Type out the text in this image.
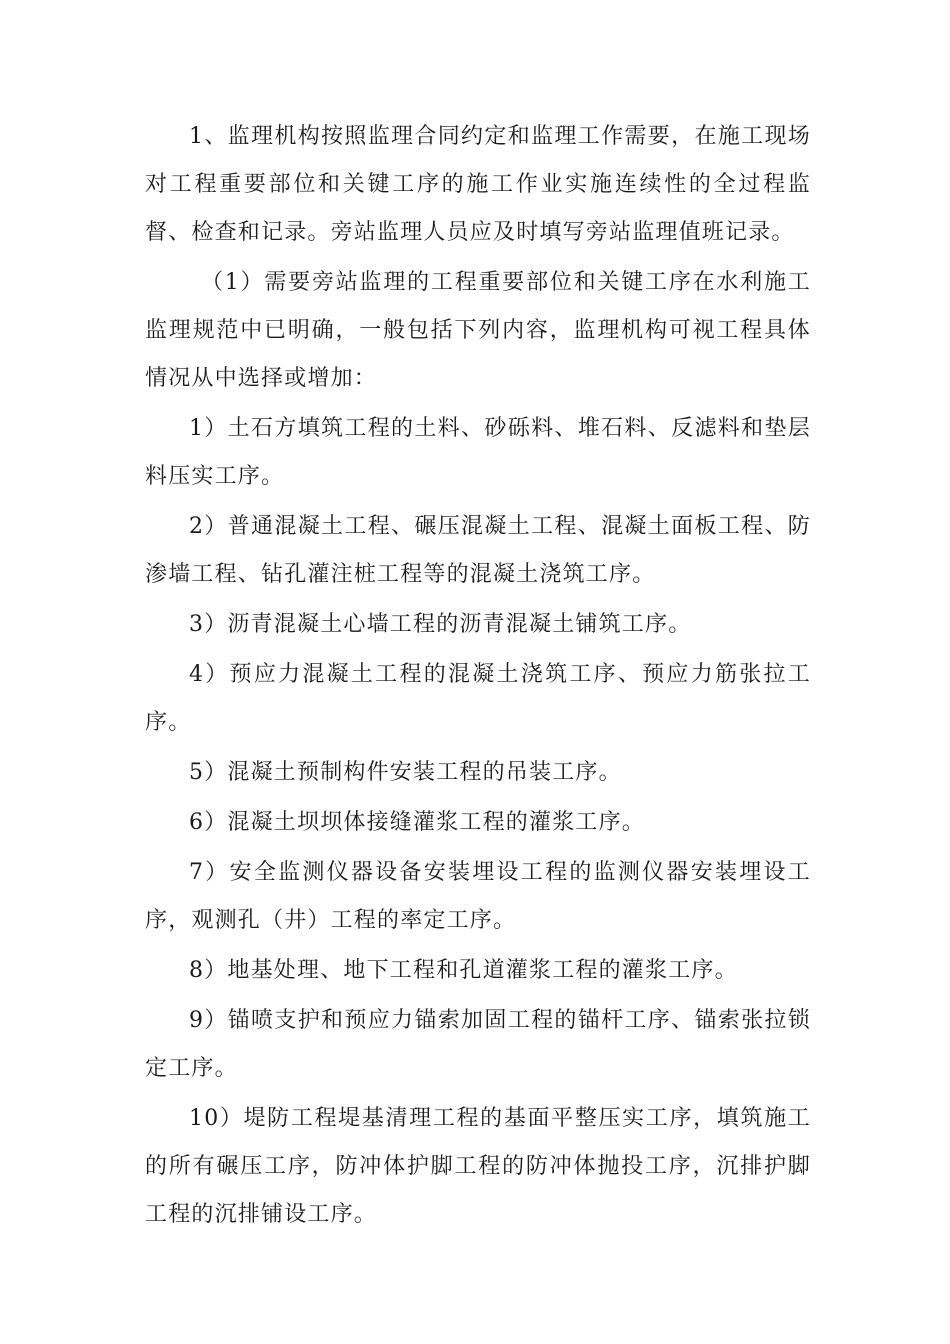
1、监理机构按照监理合同约定和监理工作需要，在施工现场对工程重要部位和关键工序的施工作业实施连续性的全过程监督、检查和记录。旁站监理人员应及时填写旁站监理值班记录。

（1）需要旁站监理的工程重要部位和关键工序在水利施工监理规范中已明确，一般包括下列内容，监理机构可视工程具体情况从中选择或增加：

1）土石方填筑工程的土料、砂砾料、堆石料、反滤料和垫层料压实工序。

2）普通混凝土工程、碾压混凝土工程、混凝土面板工程、防渗墙工程、钻孔灌注桩工程等的混凝土浇筑工序。

3）沥青混凝土心墙工程的沥青混凝土铺筑工序。

4）预应力混凝土工程的混凝土浇筑工序、预应力筋张拉工序。

5）混凝土预制构件安装工程的吊装工序。

6）混凝土坝坝体接缝灌浆工程的灌浆工序。

7）安全监测仪器设备安装埋设工程的监测仪器安装埋设工序，观测孔（井）工程的率定工序。

8）地基处理、地下工程和孔道灌浆工程的灌浆工序。

9）锚喷支护和预应力锚索加固工程的锚杆工序、锚索张拉锁定工序。

10）堤防工程堤基清理工程的基面平整压实工序，填筑施工的所有碾压工序，防冲体护脚工程的防冲体抛投工序，沉排护脚工程的沉排铺设工序。
